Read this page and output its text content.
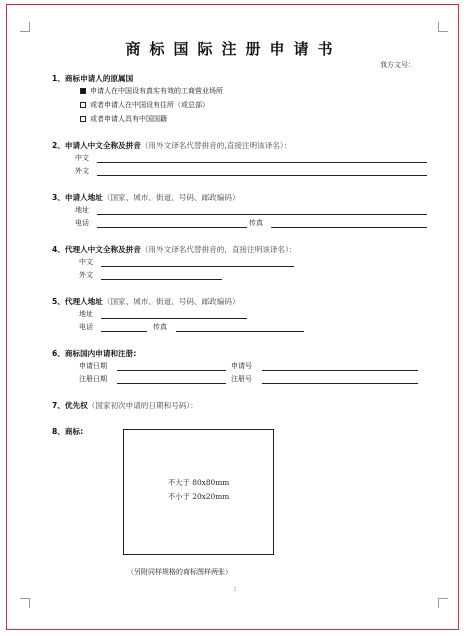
商标国际注册申请书
我方文号：
1、商标申请人的原属国
申请人在中国设有真实有效的工商营业场所
或者申请人在中国设有住所（或总部）
或者申请人具有中国国籍
2、申请人中文全称及拼音（用外文译名代替拼音的,直接注明该译名）：
中文
外文
3、申请人地址（国家、城市、街道、号码、邮政编码）
地址
电话	传真
4、代理人中文全称及拼音（用外文译名代替拼音的，直接注明该译名）：
中文
外文
5、代理人地址（国家、城市、街道、号码、邮政编码）
地址
电话	传真
6、商标国内申请和注册:
申请日期	申请号
注册日期	注册号
7、优先权（国家初次申请的日期和号码）：
8、商标:
不大于 80x80mm
不小于 20x20mm
（另附同样规格的商标图样两张）
1
